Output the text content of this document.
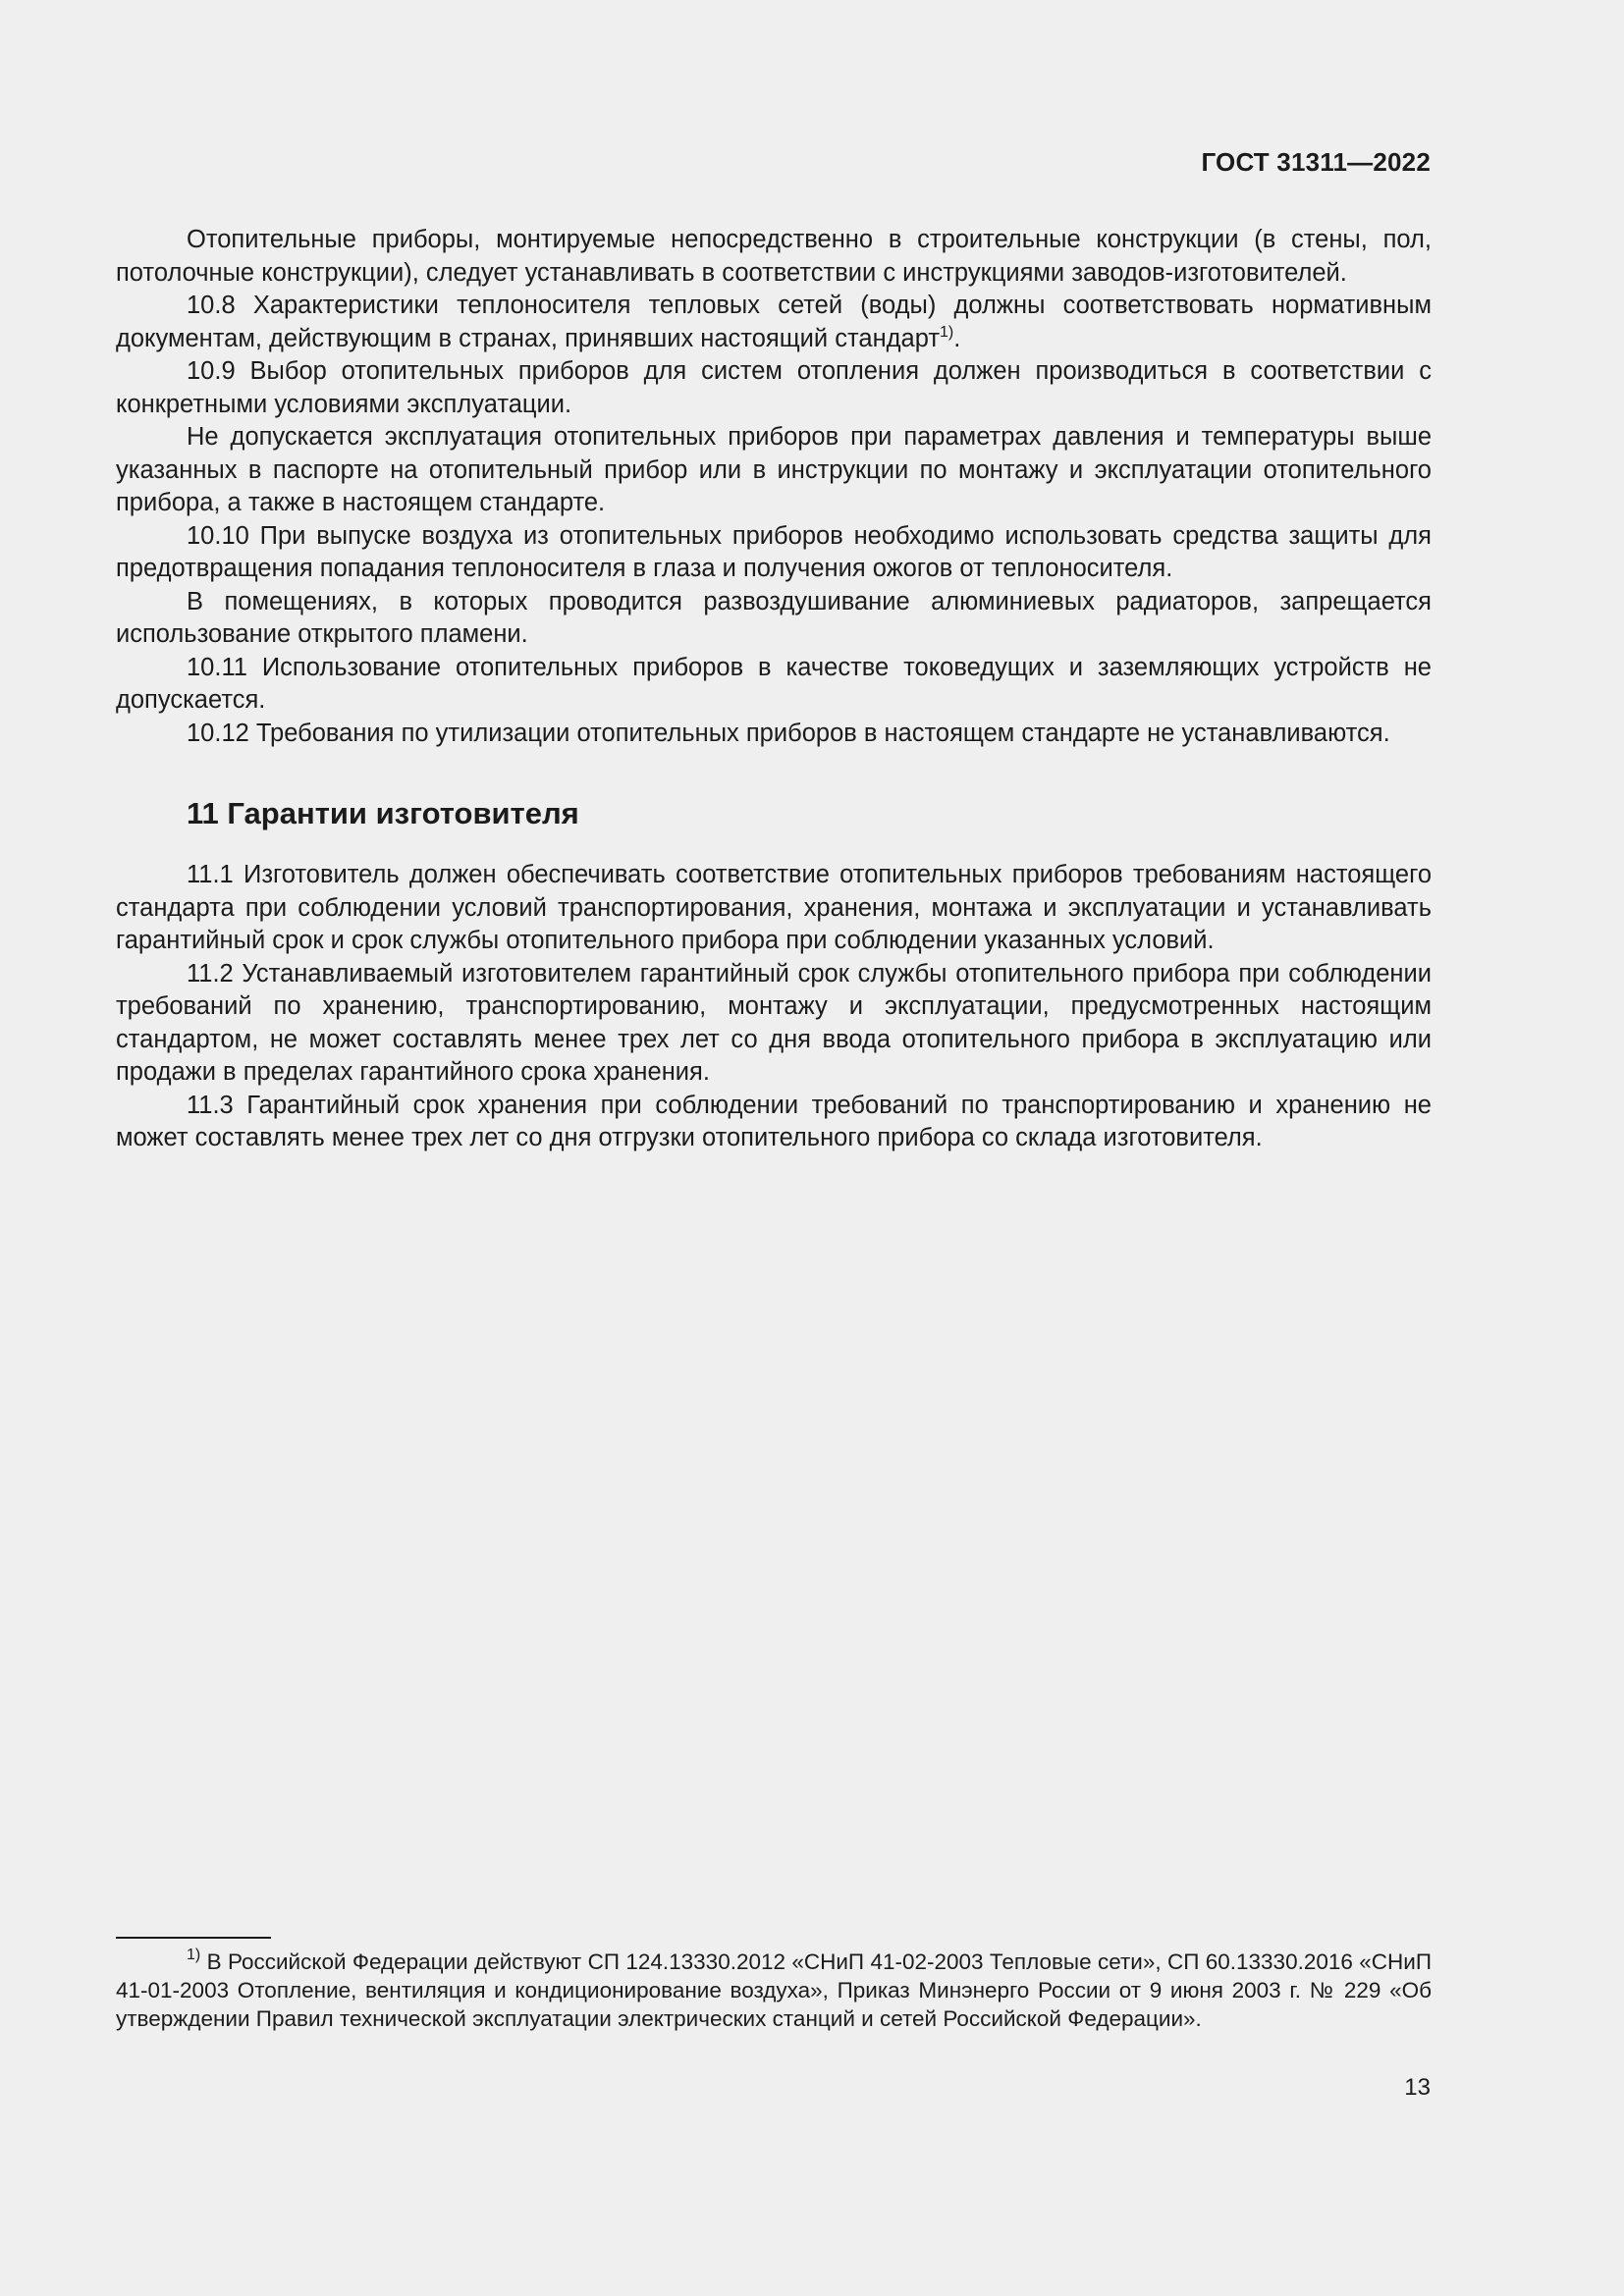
ГОСТ 31311—2022

Отопительные приборы, монтируемые непосредственно в строительные конструкции (в стены, пол, потолочные конструкции), следует устанавливать в соответствии с инструкциями заводов-изготовителей.

10.8 Характеристики теплоносителя тепловых сетей (воды) должны соответствовать нормативным документам, действующим в странах, принявших настоящий стандарт$^{1)}$.

10.9 Выбор отопительных приборов для систем отопления должен производиться в соответствии с конкретными условиями эксплуатации.

Не допускается эксплуатация отопительных приборов при параметрах давления и температуры выше указанных в паспорте на отопительный прибор или в инструкции по монтажу и эксплуатации отопительного прибора, а также в настоящем стандарте.

10.10 При выпуске воздуха из отопительных приборов необходимо использовать средства защиты для предотвращения попадания теплоносителя в глаза и получения ожогов от теплоносителя.

В помещениях, в которых проводится развоздушивание алюминиевых радиаторов, запрещается использование открытого пламени.

10.11 Использование отопительных приборов в качестве токоведущих и заземляющих устройств не допускается.

10.12 Требования по утилизации отопительных приборов в настоящем стандарте не устанавливаются.

11 Гарантии изготовителя

11.1 Изготовитель должен обеспечивать соответствие отопительных приборов требованиям настоящего стандарта при соблюдении условий транспортирования, хранения, монтажа и эксплуатации и устанавливать гарантийный срок и срок службы отопительного прибора при соблюдении указанных условий.

11.2 Устанавливаемый изготовителем гарантийный срок службы отопительного прибора при соблюдении требований по хранению, транспортированию, монтажу и эксплуатации, предусмотренных настоящим стандартом, не может составлять менее трех лет со дня ввода отопительного прибора в эксплуатацию или продажи в пределах гарантийного срока хранения.

11.3 Гарантийный срок хранения при соблюдении требований по транспортированию и хранению не может составлять менее трех лет со дня отгрузки отопительного прибора со склада изготовителя.

$^{1)}$ В Российской Федерации действуют СП 124.13330.2012 «СНиП 41-02-2003 Тепловые сети», СП 60.13330.2016 «СНиП 41-01-2003 Отопление, вентиляция и кондиционирование воздуха», Приказ Минэнерго России от 9 июня 2003 г. № 229 «Об утверждении Правил технической эксплуатации электрических станций и сетей Российской Федерации».
13
